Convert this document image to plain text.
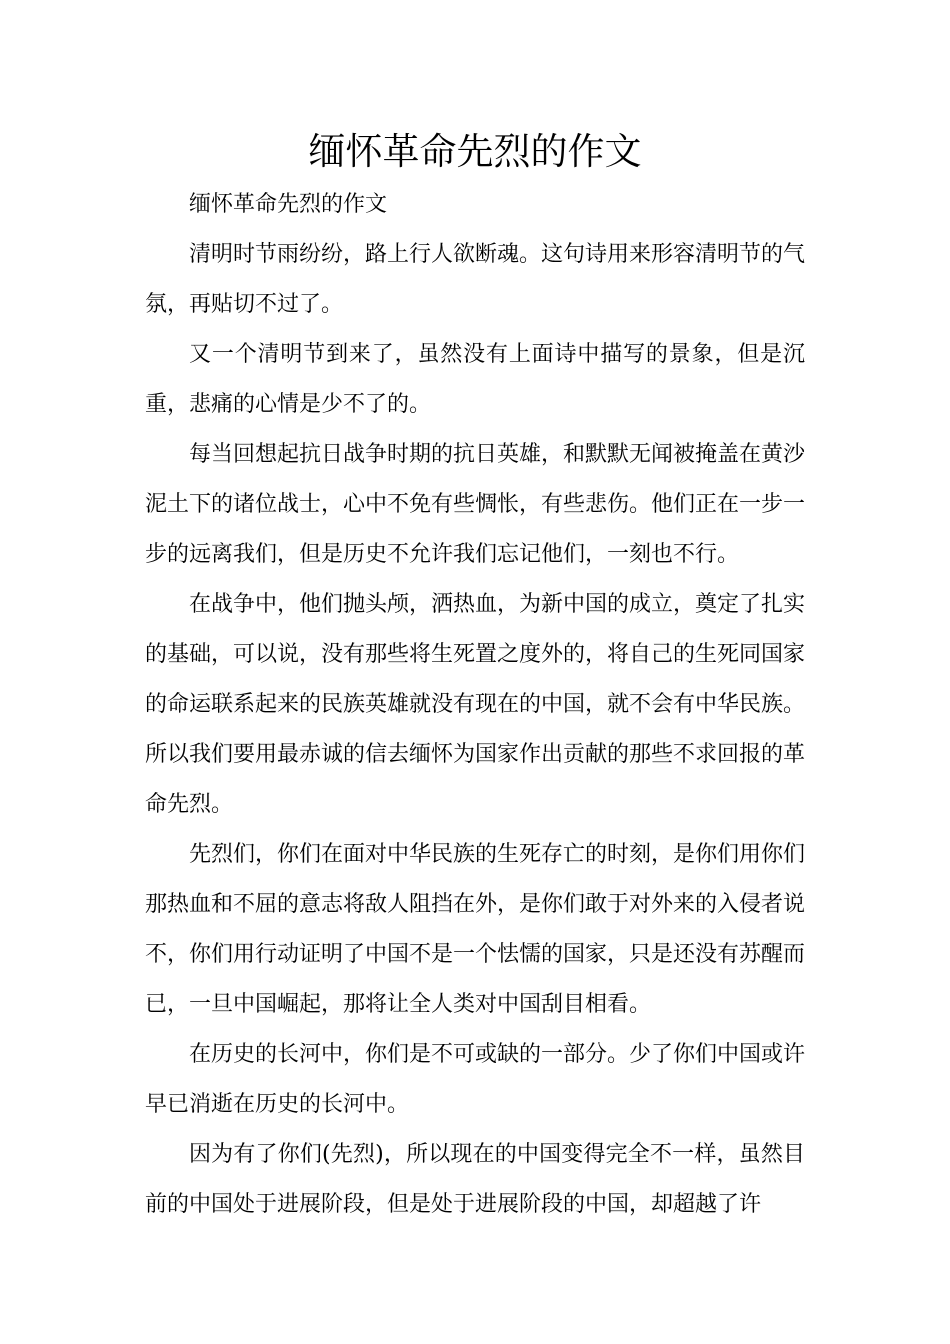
缅怀革命先烈的作文

缅怀革命先烈的作文

清明时节雨纷纷，路上行人欲断魂。这句诗用来形容清明节的气氛，再贴切不过了。

又一个清明节到来了，虽然没有上面诗中描写的景象，但是沉重，悲痛的心情是少不了的。

每当回想起抗日战争时期的抗日英雄，和默默无闻被掩盖在黄沙泥土下的诸位战士，心中不免有些惆怅，有些悲伤。他们正在一步一步的远离我们，但是历史不允许我们忘记他们，一刻也不行。

在战争中，他们抛头颅，洒热血，为新中国的成立，奠定了扎实的基础，可以说，没有那些将生死置之度外的，将自己的生死同国家的命运联系起来的民族英雄就没有现在的中国，就不会有中华民族。所以我们要用最赤诚的信去缅怀为国家作出贡献的那些不求回报的革命先烈。

先烈们，你们在面对中华民族的生死存亡的时刻，是你们用你们那热血和不屈的意志将敌人阻挡在外，是你们敢于对外来的入侵者说不，你们用行动证明了中国不是一个怯懦的国家，只是还没有苏醒而已，一旦中国崛起，那将让全人类对中国刮目相看。

在历史的长河中，你们是不可或缺的一部分。少了你们中国或许早已消逝在历史的长河中。

因为有了你们(先烈)，所以现在的中国变得完全不一样，虽然目前的中国处于进展阶段，但是处于进展阶段的中国，却超越了许
